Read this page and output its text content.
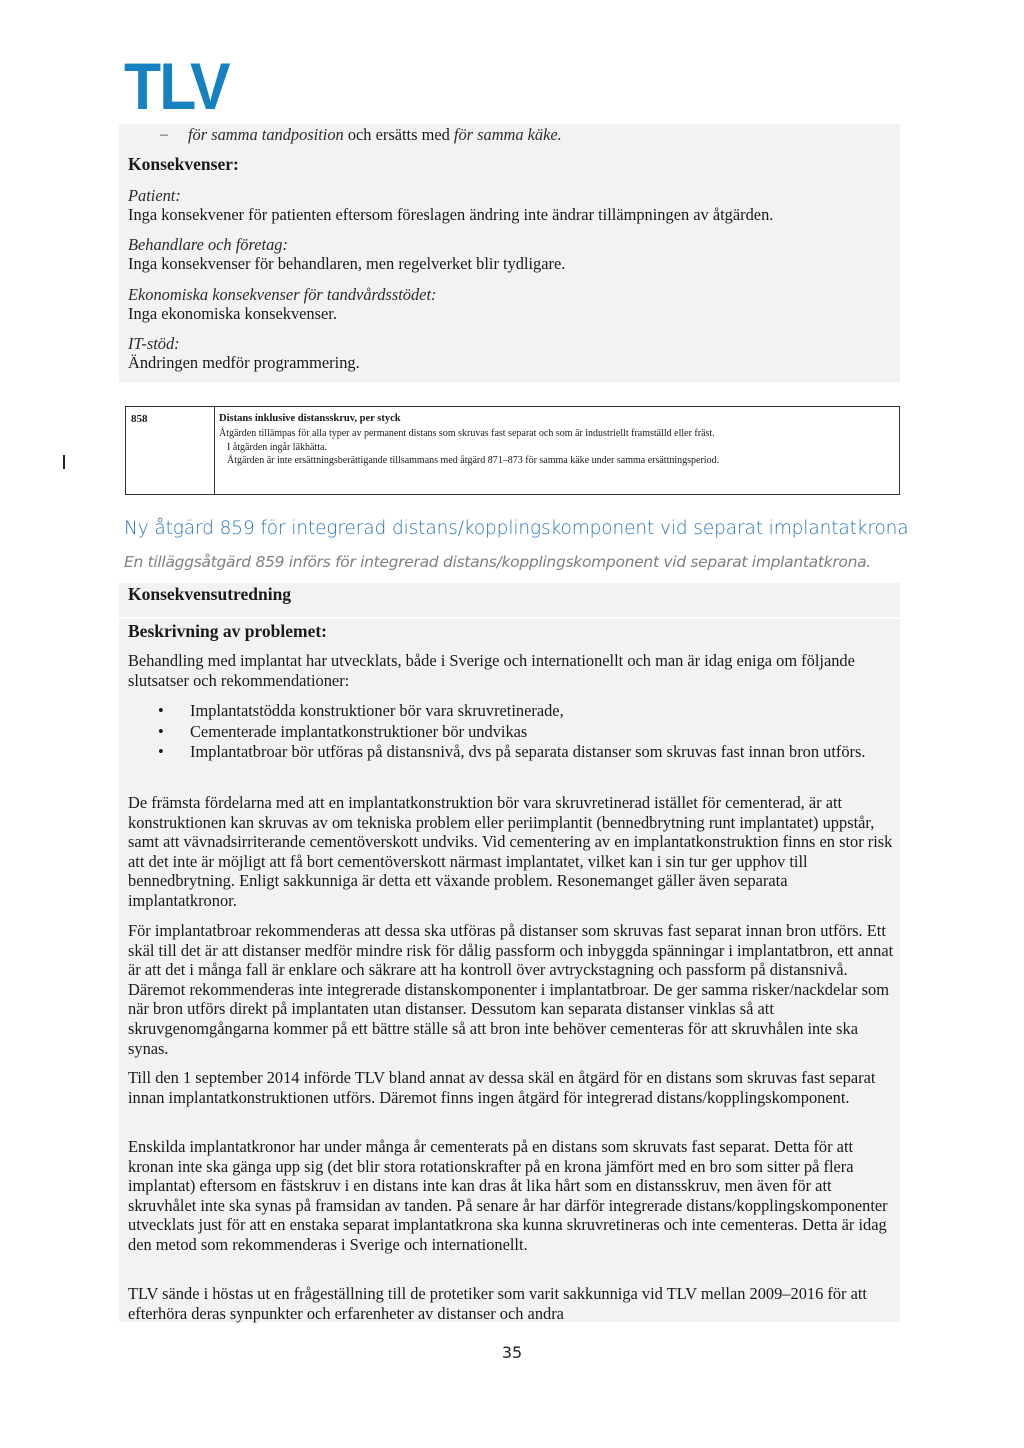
TLV
– för samma tandposition och ersätts med för samma käke.
Konsekvenser:
Patient:
Inga konsekvener för patienten eftersom föreslagen ändring inte ändrar tillämpningen av åtgärden.
Behandlare och företag:
Inga konsekvenser för behandlaren, men regelverket blir tydligare.
Ekonomiska konsekvenser för tandvårdsstödet:
Inga ekonomiska konsekvenser.
IT-stöd:
Ändringen medför programmering.
858	Distans inklusive distansskruv, per styck
Åtgärden tillämpas för alla typer av permanent distans som skruvas fast separat och som är industriellt framställd eller fräst.
I åtgärden ingår läkhätta.
Åtgärden är inte ersättningsberättigande tillsammans med åtgärd 871–873 för samma käke under samma ersättningsperiod.
Ny åtgärd 859 för integrerad distans/kopplingskomponent vid separat implantatkrona
En tilläggsåtgärd 859 införs för integrerad distans/kopplingskomponent vid separat implantatkrona.
Konsekvensutredning
Beskrivning av problemet:
Behandling med implantat har utvecklats, både i Sverige och internationellt och man är idag eniga om följande slutsatser och rekommendationer:
• Implantatstödda konstruktioner bör vara skruvretinerade,
• Cementerade implantatkonstruktioner bör undvikas
• Implantatbroar bör utföras på distansnivå, dvs på separata distanser som skruvas fast innan bron utförs.
De främsta fördelarna med att en implantatkonstruktion bör vara skruvretinerad istället för cementerad, är att konstruktionen kan skruvas av om tekniska problem eller periimplantit (bennedbrytning runt implantatet) uppstår, samt att vävnadsirriterande cementöverskott undviks. Vid cementering av en implantatkonstruktion finns en stor risk att det inte är möjligt att få bort cementöverskott närmast implantatet, vilket kan i sin tur ger upphov till bennedbrytning. Enligt sakkunniga är detta ett växande problem. Resonemanget gäller även separata implantatkronor.
För implantatbroar rekommenderas att dessa ska utföras på distanser som skruvas fast separat innan bron utförs. Ett skäl till det är att distanser medför mindre risk för dålig passform och inbyggda spänningar i implantatbron, ett annat är att det i många fall är enklare och säkrare att ha kontroll över avtryckstagning och passform på distansnivå. Däremot rekommenderas inte integrerade distanskomponenter i implantatbroar. De ger samma risker/nackdelar som när bron utförs direkt på implantaten utan distanser. Dessutom kan separata distanser vinklas så att skruvgenomgångarna kommer på ett bättre ställe så att bron inte behöver cementeras för att skruvhålen inte ska synas.
Till den 1 september 2014 införde TLV bland annat av dessa skäl en åtgärd för en distans som skruvas fast separat innan implantatkonstruktionen utförs. Däremot finns ingen åtgärd för integrerad distans/kopplingskomponent.
Enskilda implantatkronor har under många år cementerats på en distans som skruvats fast separat. Detta för att kronan inte ska gänga upp sig (det blir stora rotationskrafter på en krona jämfört med en bro som sitter på flera implantat) eftersom en fästskruv i en distans inte kan dras åt lika hårt som en distansskruv, men även för att skruvhålet inte ska synas på framsidan av tanden. På senare år har därför integrerade distans/kopplingskomponenter utvecklats just för att en enstaka separat implantatkrona ska kunna skruvretineras och inte cementeras. Detta är idag den metod som rekommenderas i Sverige och internationellt.
TLV sände i höstas ut en frågeställning till de protetiker som varit sakkunniga vid TLV mellan 2009–2016 för att efterhöra deras synpunkter och erfarenheter av distanser och andra
35
